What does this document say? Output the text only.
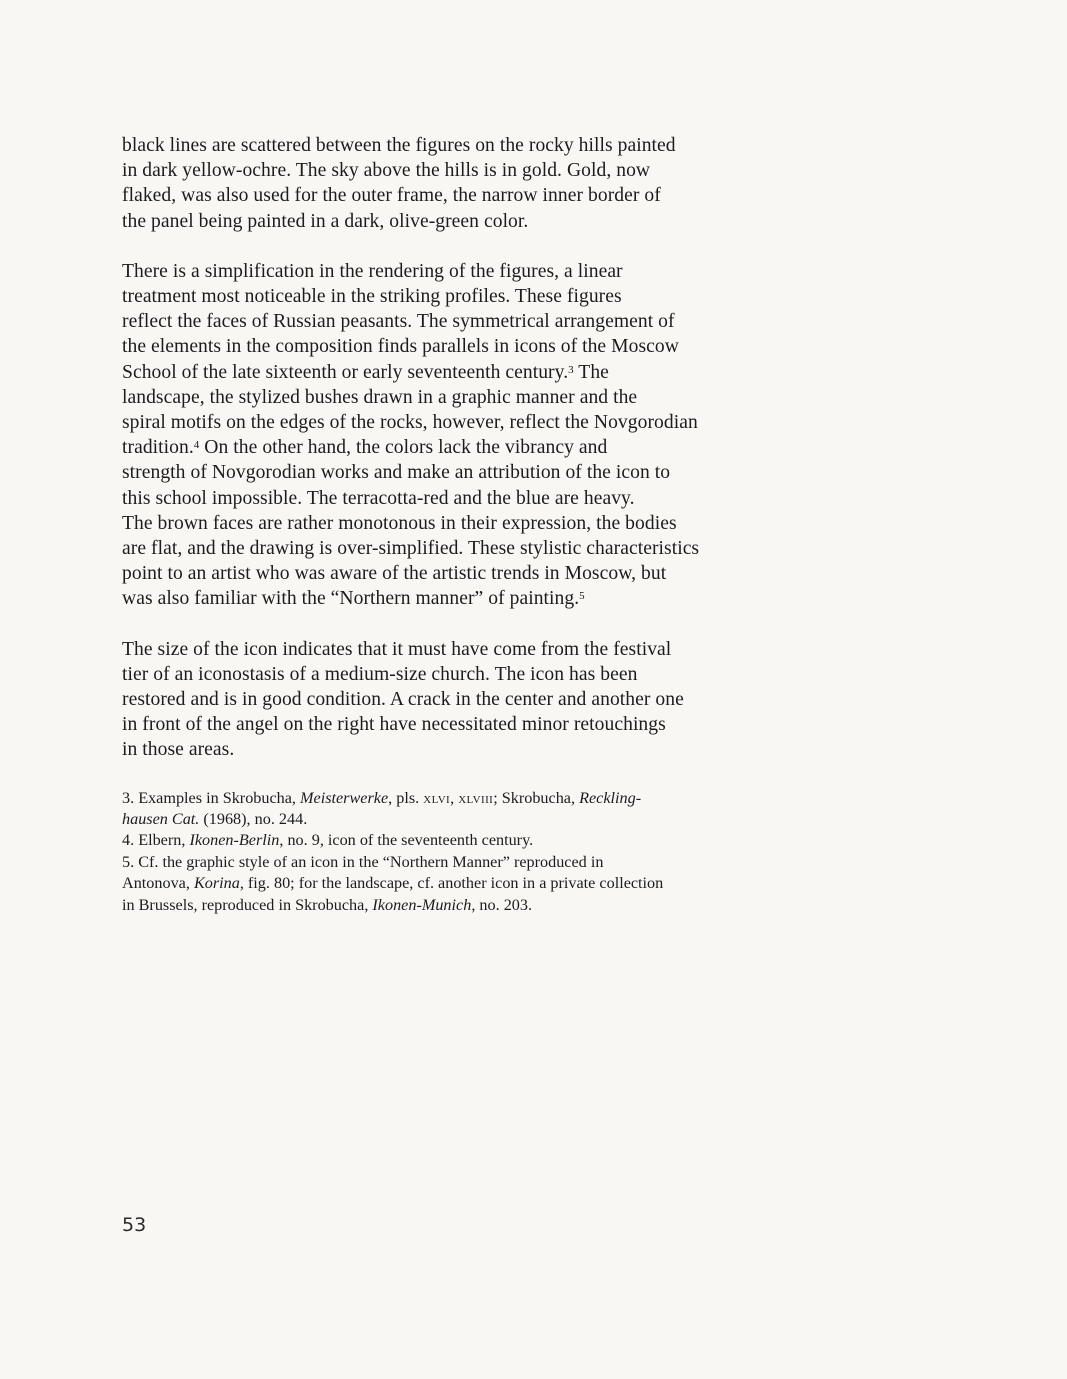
black lines are scattered between the figures on the rocky hills painted
in dark yellow-ochre. The sky above the hills is in gold. Gold, now
flaked, was also used for the outer frame, the narrow inner border of
the panel being painted in a dark, olive-green color.
There is a simplification in the rendering of the figures, a linear
treatment most noticeable in the striking profiles. These figures
reflect the faces of Russian peasants. The symmetrical arrangement of
the elements in the composition finds parallels in icons of the Moscow
School of the late sixteenth or early seventeenth century.$^3$ The
landscape, the stylized bushes drawn in a graphic manner and the
spiral motifs on the edges of the rocks, however, reflect the Novgorodian
tradition.$^4$ On the other hand, the colors lack the vibrancy and
strength of Novgorodian works and make an attribution of the icon to
this school impossible. The terracotta-red and the blue are heavy.
The brown faces are rather monotonous in their expression, the bodies
are flat, and the drawing is over-simplified. These stylistic characteristics
point to an artist who was aware of the artistic trends in Moscow, but
was also familiar with the “Northern manner” of painting.$^5$
The size of the icon indicates that it must have come from the festival
tier of an iconostasis of a medium-size church. The icon has been
restored and is in good condition. A crack in the center and another one
in front of the angel on the right have necessitated minor retouchings
in those areas.
3. Examples in Skrobucha, Meisterwerke, pls. xlvi, xlviii; Skrobucha, Reckling-
hausen Cat. (1968), no. 244.
4. Elbern, Ikonen-Berlin, no. 9, icon of the seventeenth century.
5. Cf. the graphic style of an icon in the “Northern Manner” reproduced in
Antonova, Korina, fig. 80; for the landscape, cf. another icon in a private collection
in Brussels, reproduced in Skrobucha, Ikonen-Munich, no. 203.
53
